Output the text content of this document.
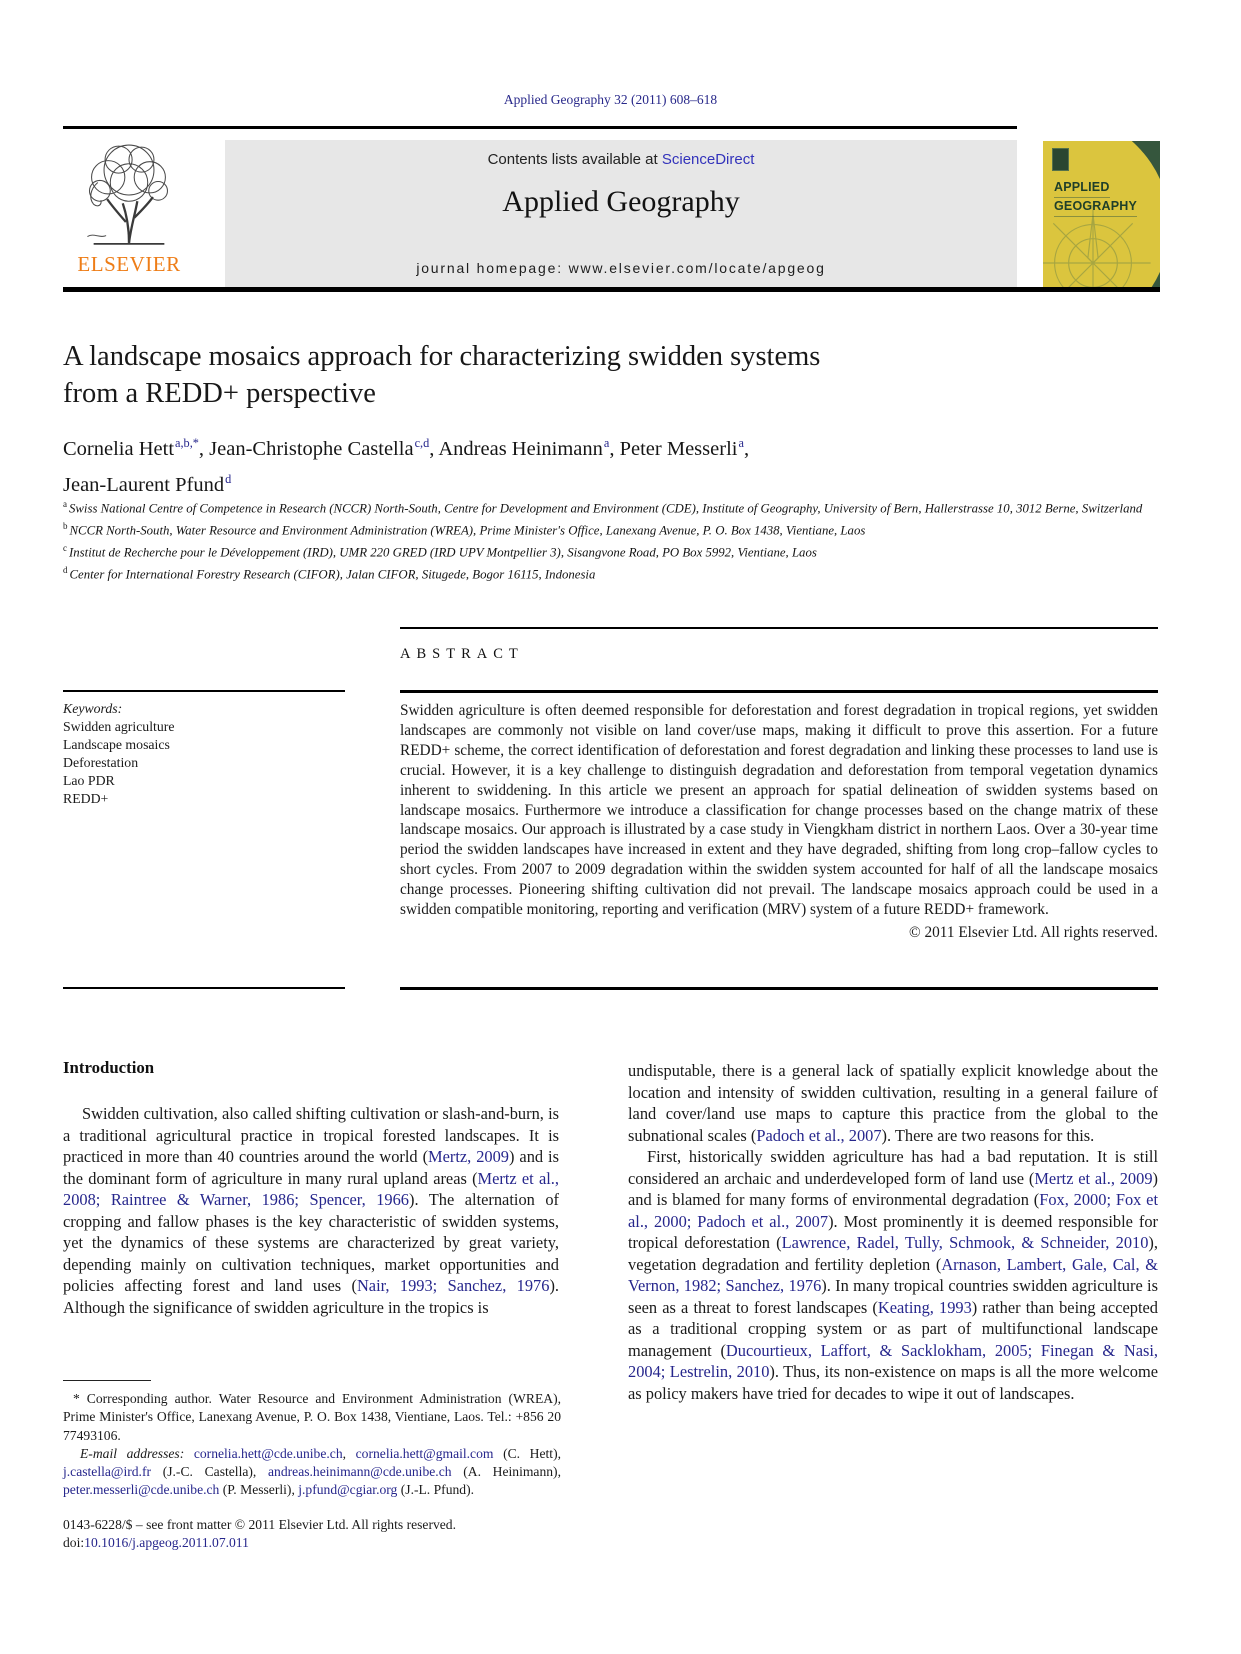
Applied Geography 32 (2011) 608–618
ELSEVIER
Contents lists available at ScienceDirect
Applied Geography
journal homepage: www.elsevier.com/locate/apgeog
APPLIED
GEOGRAPHY
A landscape mosaics approach for characterizing swidden systems
from a REDD+ perspective
Cornelia Hett$^{a,b,*}$, Jean-Christophe Castella$^{c,d}$, Andreas Heinimann$^a$, Peter Messerli$^a$,
Jean-Laurent Pfund$^d$
$^a$ Swiss National Centre of Competence in Research (NCCR) North-South, Centre for Development and Environment (CDE), Institute of Geography, University of Bern, Hallerstrasse 10, 3012 Berne, Switzerland
$^b$ NCCR North-South, Water Resource and Environment Administration (WREA), Prime Minister's Office, Lanexang Avenue, P. O. Box 1438, Vientiane, Laos
$^c$ Institut de Recherche pour le Développement (IRD), UMR 220 GRED (IRD UPV Montpellier 3), Sisangvone Road, PO Box 5992, Vientiane, Laos
$^d$ Center for International Forestry Research (CIFOR), Jalan CIFOR, Situgede, Bogor 16115, Indonesia
Keywords:
Swidden agriculture
Landscape mosaics
Deforestation
Lao PDR
REDD+
ABSTRACT
Swidden agriculture is often deemed responsible for deforestation and forest degradation in tropical regions, yet swidden landscapes are commonly not visible on land cover/use maps, making it difficult to prove this assertion. For a future REDD+ scheme, the correct identification of deforestation and forest degradation and linking these processes to land use is crucial. However, it is a key challenge to distinguish degradation and deforestation from temporal vegetation dynamics inherent to swiddening. In this article we present an approach for spatial delineation of swidden systems based on landscape mosaics. Furthermore we introduce a classification for change processes based on the change matrix of these landscape mosaics. Our approach is illustrated by a case study in Viengkham district in northern Laos. Over a 30-year time period the swidden landscapes have increased in extent and they have degraded, shifting from long crop–fallow cycles to short cycles. From 2007 to 2009 degradation within the swidden system accounted for half of all the landscape mosaics change processes. Pioneering shifting cultivation did not prevail. The landscape mosaics approach could be used in a swidden compatible monitoring, reporting and verification (MRV) system of a future REDD+ framework.
© 2011 Elsevier Ltd. All rights reserved.
Introduction

Swidden cultivation, also called shifting cultivation or slash-and-burn, is a traditional agricultural practice in tropical forested landscapes. It is practiced in more than 40 countries around the world (Mertz, 2009) and is the dominant form of agriculture in many rural upland areas (Mertz et al., 2008; Raintree & Warner, 1986; Spencer, 1966). The alternation of cropping and fallow phases is the key characteristic of swidden systems, yet the dynamics of these systems are characterized by great variety, depending mainly on cultivation techniques, market opportunities and policies affecting forest and land uses (Nair, 1993; Sanchez, 1976). Although the significance of swidden agriculture in the tropics is

undisputable, there is a general lack of spatially explicit knowledge about the location and intensity of swidden cultivation, resulting in a general failure of land cover/land use maps to capture this practice from the global to the subnational scales (Padoch et al., 2007). There are two reasons for this.

First, historically swidden agriculture has had a bad reputation. It is still considered an archaic and underdeveloped form of land use (Mertz et al., 2009) and is blamed for many forms of environmental degradation (Fox, 2000; Fox et al., 2000; Padoch et al., 2007). Most prominently it is deemed responsible for tropical deforestation (Lawrence, Radel, Tully, Schmook, & Schneider, 2010), vegetation degradation and fertility depletion (Arnason, Lambert, Gale, Cal, & Vernon, 1982; Sanchez, 1976). In many tropical countries swidden agriculture is seen as a threat to forest landscapes (Keating, 1993) rather than being accepted as a traditional cropping system or as part of multifunctional landscape management (Ducourtieux, Laffort, & Sacklokham, 2005; Finegan & Nasi, 2004; Lestrelin, 2010). Thus, its non-existence on maps is all the more welcome as policy makers have tried for decades to wipe it out of landscapes.

* Corresponding author. Water Resource and Environment Administration (WREA), Prime Minister's Office, Lanexang Avenue, P. O. Box 1438, Vientiane, Laos. Tel.: +856 20 77493106.
E-mail addresses: cornelia.hett@cde.unibe.ch, cornelia.hett@gmail.com (C. Hett), j.castella@ird.fr (J.-C. Castella), andreas.heinimann@cde.unibe.ch (A. Heinimann), peter.messerli@cde.unibe.ch (P. Messerli), j.pfund@cgiar.org (J.-L. Pfund).
0143-6228/$ – see front matter © 2011 Elsevier Ltd. All rights reserved.
doi:10.1016/j.apgeog.2011.07.011
